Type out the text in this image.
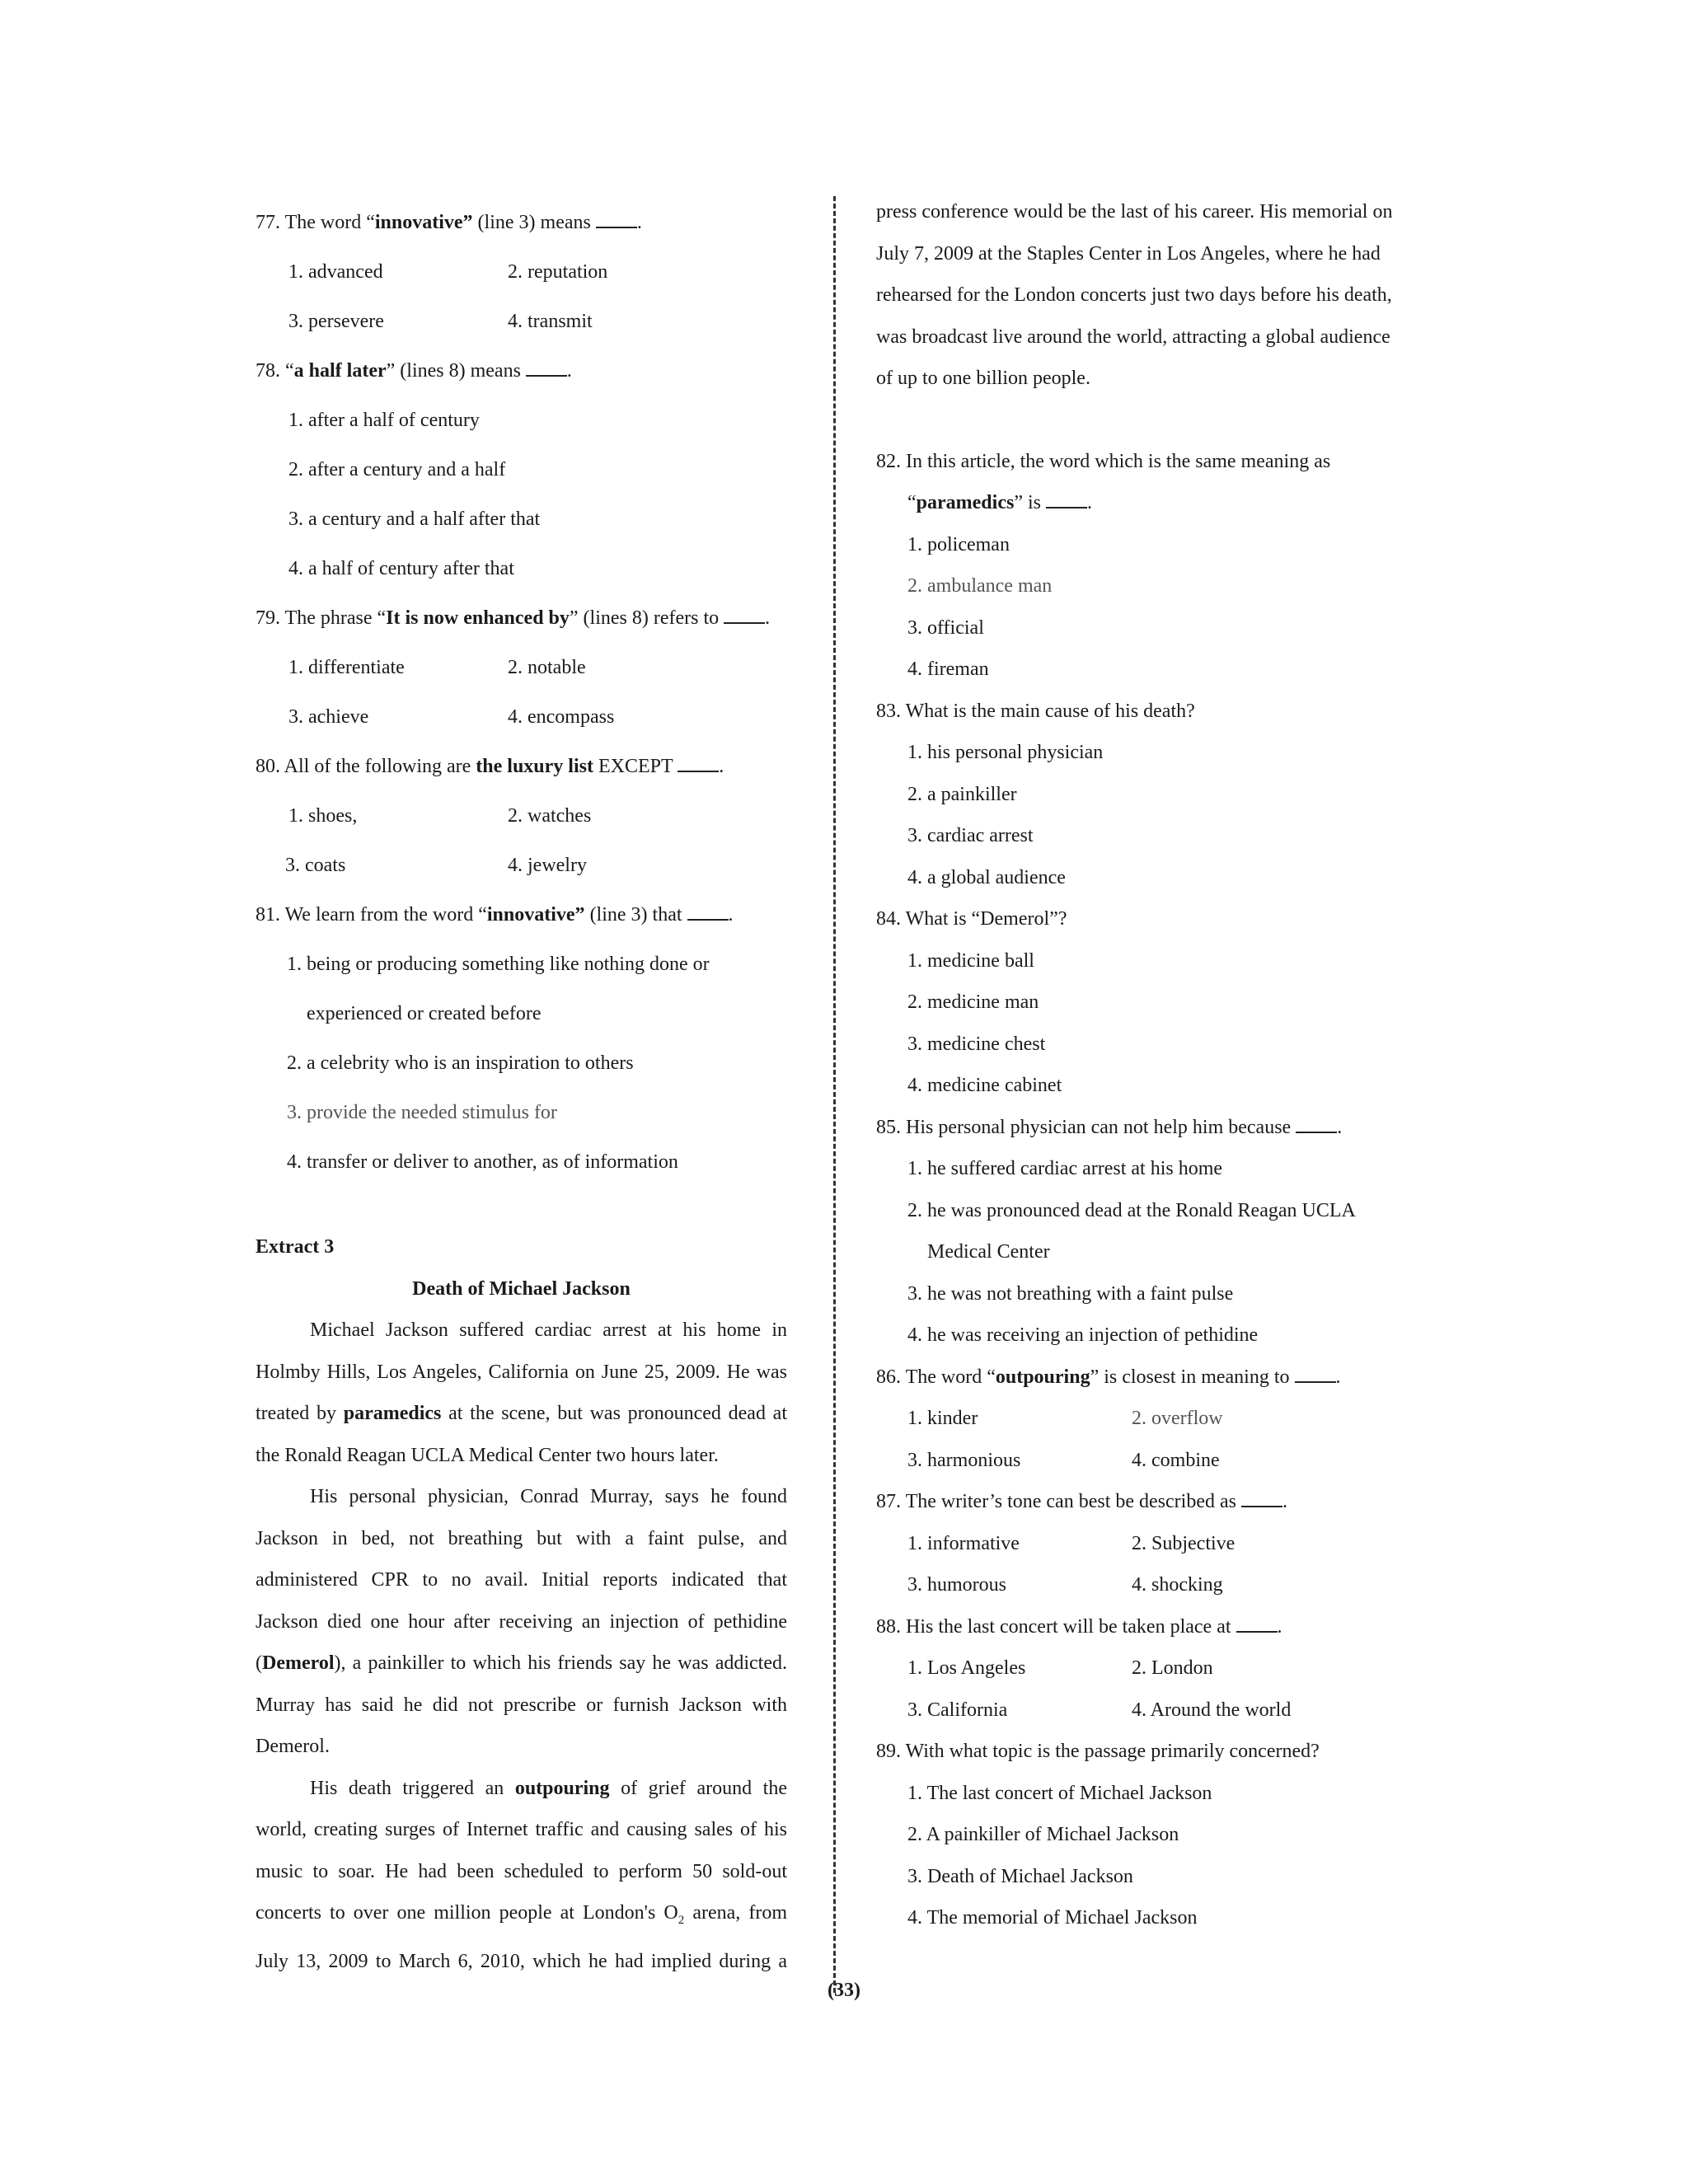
77. The word “innovative” (line 3) means .
1. advanced	2. reputation
3. persevere	4. transmit
78. “a half later” (lines 8) means .
1. after a half of century
2. after a century and a half
3. a century and a half after that
4. a half of century after that
79. The phrase “It is now enhanced by” (lines 8) refers to .
1. differentiate	2. notable
3. achieve	4. encompass
80. All of the following are the luxury list EXCEPT .
1. shoes,	2. watches
3. coats	4. jewelry
81. We learn from the word “innovative” (line 3) that .
1. being or producing something like nothing done or
experienced or created before
2. a celebrity who is an inspiration to others
3. provide the needed stimulus for
4. transfer or deliver to another, as of information
Extract 3
Death of Michael Jackson
Michael Jackson suffered cardiac arrest at his home in
Holmby Hills, Los Angeles, California on June 25, 2009. He was
treated by paramedics at the scene, but was pronounced dead at
the Ronald Reagan UCLA Medical Center two hours later.
His personal physician, Conrad Murray, says he found
Jackson in bed, not breathing but with a faint pulse, and
administered CPR to no avail. Initial reports indicated that
Jackson died one hour after receiving an injection of pethidine
(Demerol), a painkiller to which his friends say he was addicted.
Murray has said he did not prescribe or furnish Jackson with
Demerol.
His death triggered an outpouring of grief around the
world, creating surges of Internet traffic and causing sales of his
music to soar. He had been scheduled to perform 50 sold-out
concerts to over one million people at London's $O_2$ arena, from
July 13, 2009 to March 6, 2010, which he had implied during a
press conference would be the last of his career. His memorial on
July 7, 2009 at the Staples Center in Los Angeles, where he had
rehearsed for the London concerts just two days before his death,
was broadcast live around the world, attracting a global audience
of up to one billion people.
82. In this article, the word which is the same meaning as
“paramedics” is .
1. policeman
2. ambulance man
3. official
4. fireman
83. What is the main cause of his death?
1. his personal physician
2. a painkiller
3. cardiac arrest
4. a global audience
84. What is “Demerol”?
1. medicine ball
2. medicine man
3. medicine chest
4. medicine cabinet
85. His personal physician can not help him because .
1. he suffered cardiac arrest at his home
2. he was pronounced dead at the Ronald Reagan UCLA
Medical Center
3. he was not breathing with a faint pulse
4. he was receiving an injection of pethidine
86. The word “outpouring” is closest in meaning to .
1. kinder	2. overflow
3. harmonious	4. combine
87. The writer’s tone can best be described as .
1. informative	2. Subjective
3. humorous	4. shocking
88. His the last concert will be taken place at .
1. Los Angeles	2. London
3. California	4. Around the world
89. With what topic is the passage primarily concerned?
1. The last concert of Michael Jackson
2. A painkiller of Michael Jackson
3. Death of Michael Jackson
4. The memorial of Michael Jackson
(33)
